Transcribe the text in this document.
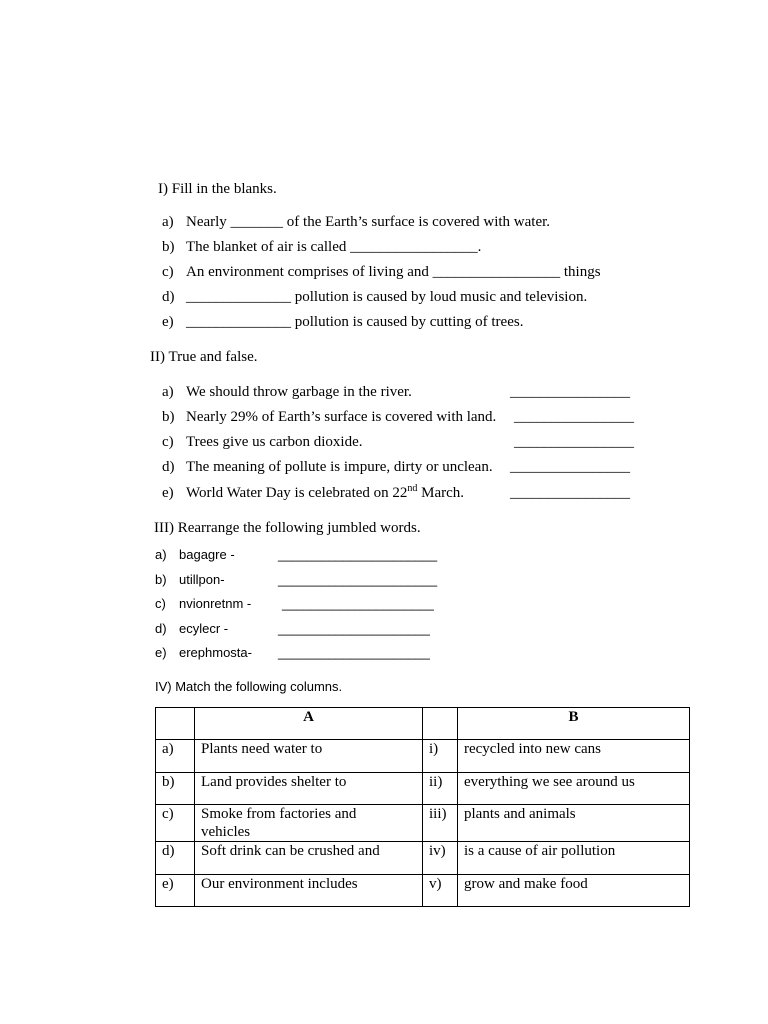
I) Fill in the blanks.
a) Nearly _______ of the Earth’s surface is covered with water.
b) The blanket of air is called _________________.
c) An environment comprises of living and _________________ things
d) ______________ pollution is caused by loud music and television.
e) ______________ pollution is caused by cutting of trees.
II) True and false.
a) We should throw garbage in the river.	________________
b) Nearly 29% of Earth’s surface is covered with land. ________________
c) Trees give us carbon dioxide.	________________
d) The meaning of pollute is impure, dirty or unclean. ________________
e) World Water Day is celebrated on 22nd March.	________________
III) Rearrange the following jumbled words.
a) bagagre -	______________________
b) utillpon-	______________________
c) nvionretnm - _____________________
d) ecylecr -	_____________________
e) erephmosta- _____________________
IV) Match the following columns.
	A		B
a)	Plants need water to	i)	recycled into new cans
b)	Land provides shelter to	ii)	everything we see around us
c)	Smoke from factories and vehicles	iii)	plants and animals
d)	Soft drink can be crushed and	iv)	is a cause of air pollution
e)	Our environment includes	v)	grow and make food
